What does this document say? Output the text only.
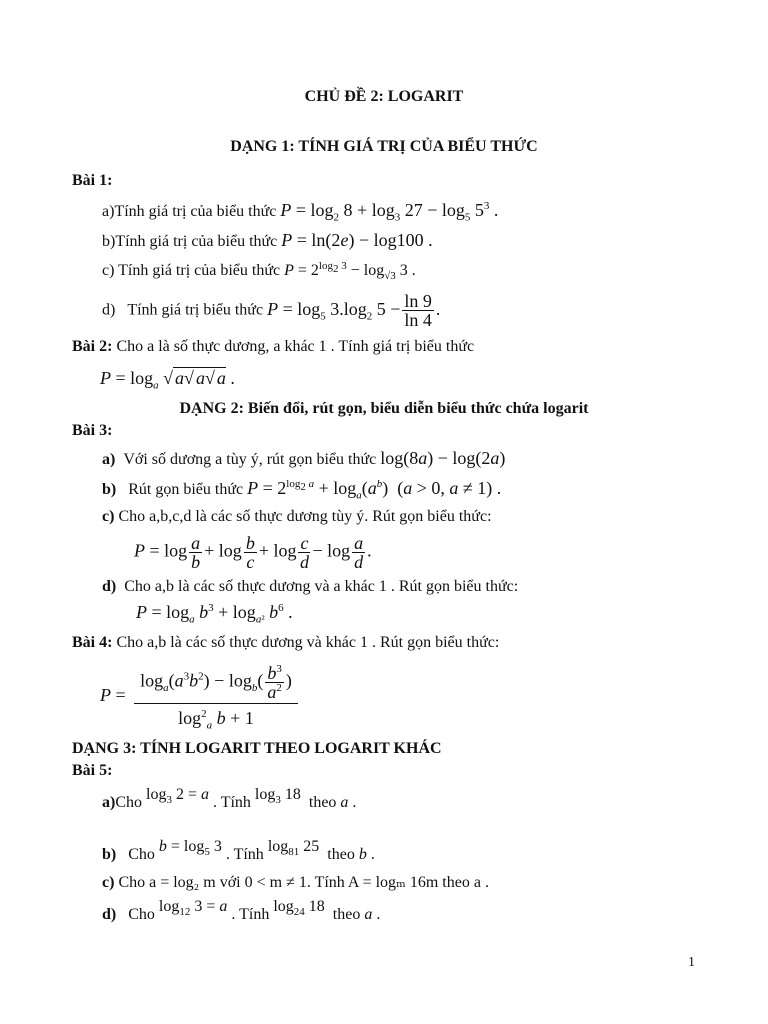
CHỦ ĐỀ 2: LOGARIT
DẠNG 1: TÍNH GIÁ TRỊ CỦA BIỂU THỨC
Bài 1:
a)Tính giá trị của biểu thức $P = \log_2 8 + \log_3 27 - \log_5 5^3$ .
b)Tính giá trị của biểu thức P = ln(2e) − log100 .
c) Tính giá trị của biểu thức $P = 2^{log_2 3} - \log_{√3} 3$ .
d) Tính giá trị biểu thức $P = \log_5 3.\log_2$ $5 - \frac{\ln 9}{\ln 4}$ .
Bài 2: Cho a là số thực dương, a khác 1 . Tính giá trị biểu thức
$P = \log_a$ √ a√ a√ a .
DẠNG 2: Biến đổi, rút gọn, biểu diễn biểu thức chứa logarit
Bài 3:
a) Với số dương a tùy ý, rút gọn biểu thức log(8a) − log(2a)
b) Rút gọn biểu thức $P = 2^{log_2 a} + \log_a(a^b) (a > 0$, a ≠ 1) .
c) Cho a,b,c,d là các số thực dương tùy ý. Rút gọn biểu thức:
$P = \log \frac{a}{b} + \log \frac{b}{c} + \log \frac{c}{d} - \log \frac{a}{d}$ .
d) Cho a,b là các số thực dương và a khác 1 . Rút gọn biểu thức:
$P = \log_a b^3 + \log_{a^2} b^6$ .
Bài 4: Cho a,b là các số thực dương và khác 1 . Rút gọn biểu thức:
$P = \frac{\log_a(a^3b^2) - \log_b( \frac{b^3}{a^2} )}{\log^2_a b + 1}$
DẠNG 3: TÍNH LOGARIT THEO LOGARIT KHÁC
Bài 5:
a)Cho $\log_3 2 = a$ . Tính $\log_3 18$ theo a .
b) Cho $b = \log_5 3$ . Tính $\log_{81} 25$ theo b .
c) Cho a = log₂ m với 0 < m ≠ 1. Tính A = logₘ 16m theo a .
d) Cho $\log_{12} 3 = a$ . Tính $\log_{24} 18$ theo a .
1
